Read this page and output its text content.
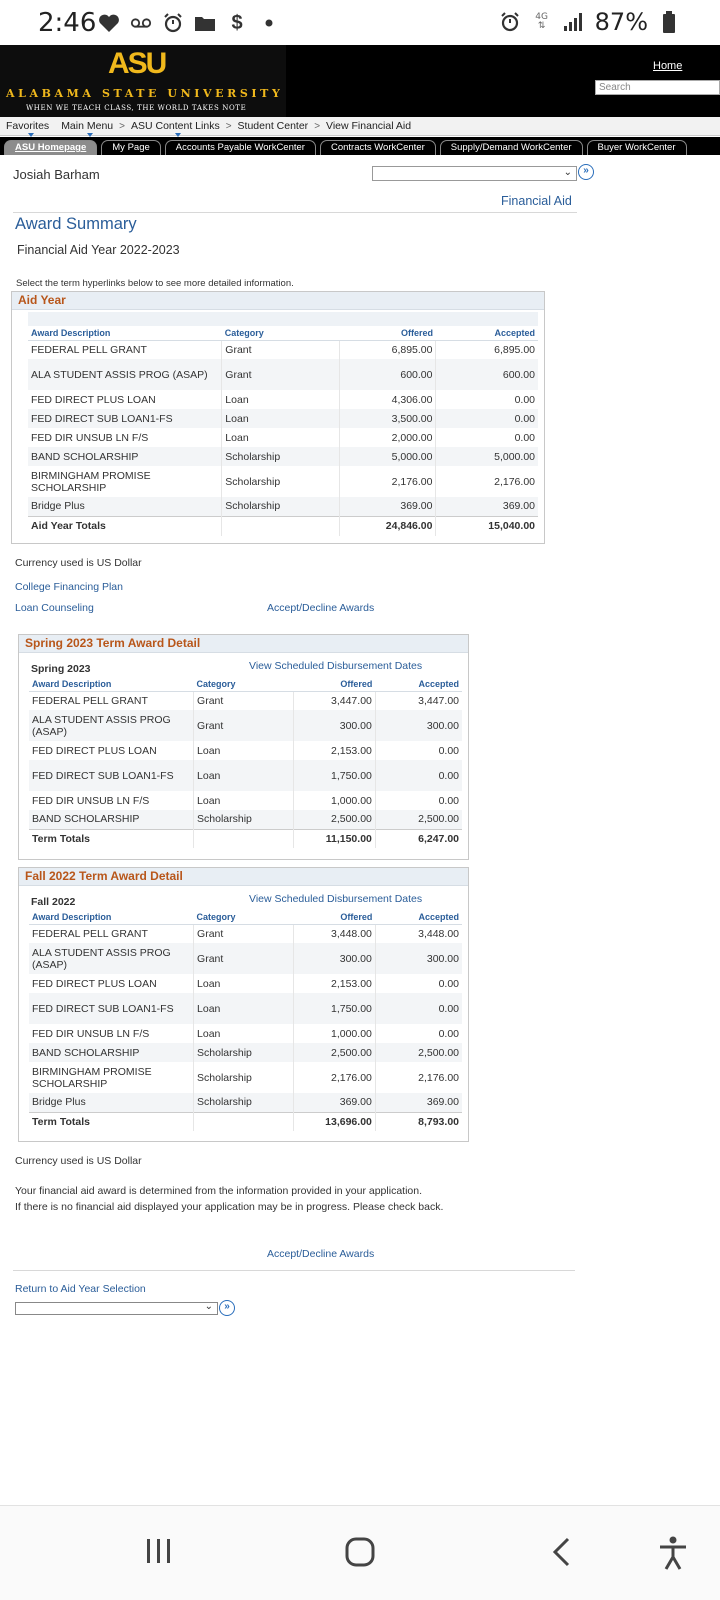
2:46	$	4G
⇅	87%
ASU
ALABAMA STATE UNIVERSITY
WHEN WE TEACH CLASS, THE WORLD TAKES NOTE
Home
Search
Favorites	Main Menu > ASU Content Links > Student Center > View Financial Aid
ASU Homepage	My Page	Accounts Payable WorkCenter	Contracts WorkCenter	Supply/Demand WorkCenter	Buyer WorkCenter
Josiah Barham	⌄	»
Financial Aid
Award Summary
Financial Aid Year 2022-2023
Select the term hyperlinks below to see more detailed information.
Aid Year

Award Description	Category	Offered	Accepted
FEDERAL PELL GRANT	Grant	6,895.00	6,895.00
ALA STUDENT ASSIS PROG (ASAP)	Grant	600.00	600.00
FED DIRECT PLUS LOAN	Loan	4,306.00	0.00
FED DIRECT SUB LOAN1-FS	Loan	3,500.00	0.00
FED DIR UNSUB LN F/S	Loan	2,000.00	0.00
BAND SCHOLARSHIP	Scholarship	5,000.00	5,000.00
BIRMINGHAM PROMISE SCHOLARSHIP	Scholarship	2,176.00	2,176.00
Bridge Plus	Scholarship	369.00	369.00
Aid Year Totals		24,846.00	15,040.00
Currency used is US Dollar
College Financing Plan
Loan Counseling	Accept/Decline Awards
Spring 2023 Term Award Detail
Spring 2023	View Scheduled Disbursement Dates
Award Description	Category	Offered	Accepted
FEDERAL PELL GRANT	Grant	3,447.00	3,447.00
ALA STUDENT ASSIS PROG (ASAP)	Grant	300.00	300.00
FED DIRECT PLUS LOAN	Loan	2,153.00	0.00
FED DIRECT SUB LOAN1-FS	Loan	1,750.00	0.00
FED DIR UNSUB LN F/S	Loan	1,000.00	0.00
BAND SCHOLARSHIP	Scholarship	2,500.00	2,500.00
Term Totals		11,150.00	6,247.00
Fall 2022 Term Award Detail
Fall 2022	View Scheduled Disbursement Dates
Award Description	Category	Offered	Accepted
FEDERAL PELL GRANT	Grant	3,448.00	3,448.00
ALA STUDENT ASSIS PROG (ASAP)	Grant	300.00	300.00
FED DIRECT PLUS LOAN	Loan	2,153.00	0.00
FED DIRECT SUB LOAN1-FS	Loan	1,750.00	0.00
FED DIR UNSUB LN F/S	Loan	1,000.00	0.00
BAND SCHOLARSHIP	Scholarship	2,500.00	2,500.00
BIRMINGHAM PROMISE SCHOLARSHIP	Scholarship	2,176.00	2,176.00
Bridge Plus	Scholarship	369.00	369.00
Term Totals		13,696.00	8,793.00
Currency used is US Dollar
Your financial aid award is determined from the information provided in your application.
If there is no financial aid displayed your application may be in progress. Please check back.
Accept/Decline Awards
Return to Aid Year Selection
⌄	»
